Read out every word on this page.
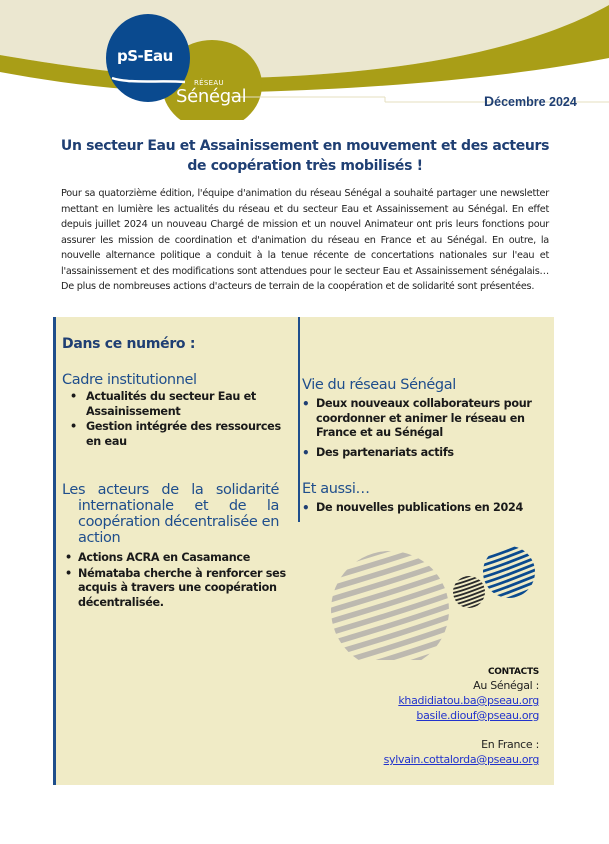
pS-Eau
RÉSEAU
Sénégal	Décembre 2024
Un secteur Eau et Assainissement en mouvement et des acteurs
de coopération très mobilisés !
Pour sa quatorzième édition, l'équipe d'animation du réseau Sénégal a souhaité partager une newsletter mettant en lumière les actualités du réseau et du secteur Eau et Assainissement au Sénégal. En effet depuis juillet 2024 un nouveau Chargé de mission et un nouvel Animateur ont pris leurs fonctions pour assurer les mission de coordination et d'animation du réseau en France et au Sénégal. En outre, la nouvelle alternance politique a conduit à la tenue récente de concertations nationales sur l'eau et l'assainissement et des modifications sont attendues pour le secteur Eau et Assainissement sénégalais… De plus de nombreuses actions d'acteurs de terrain de la coopération et de solidarité sont présentées.
Dans ce numéro :
Cadre institutionnel
• Actualités du secteur Eau et Assainissement
• Gestion intégrée des ressources en eau
Les acteurs de la solidarité internationale et de la coopération décentralisée en action
• Actions ACRA en Casamance
• Némataba cherche à renforcer ses acquis à travers une coopération décentralisée.
Vie du réseau Sénégal
• Deux nouveaux collaborateurs pour coordonner et animer le réseau en France et au Sénégal
• Des partenariats actifs
Et aussi…
• De nouvelles publications en 2024
CONTACTS
Au Sénégal :
khadidiatou.ba@pseau.org
basile.diouf@pseau.org
En France :
sylvain.cottalorda@pseau.org
